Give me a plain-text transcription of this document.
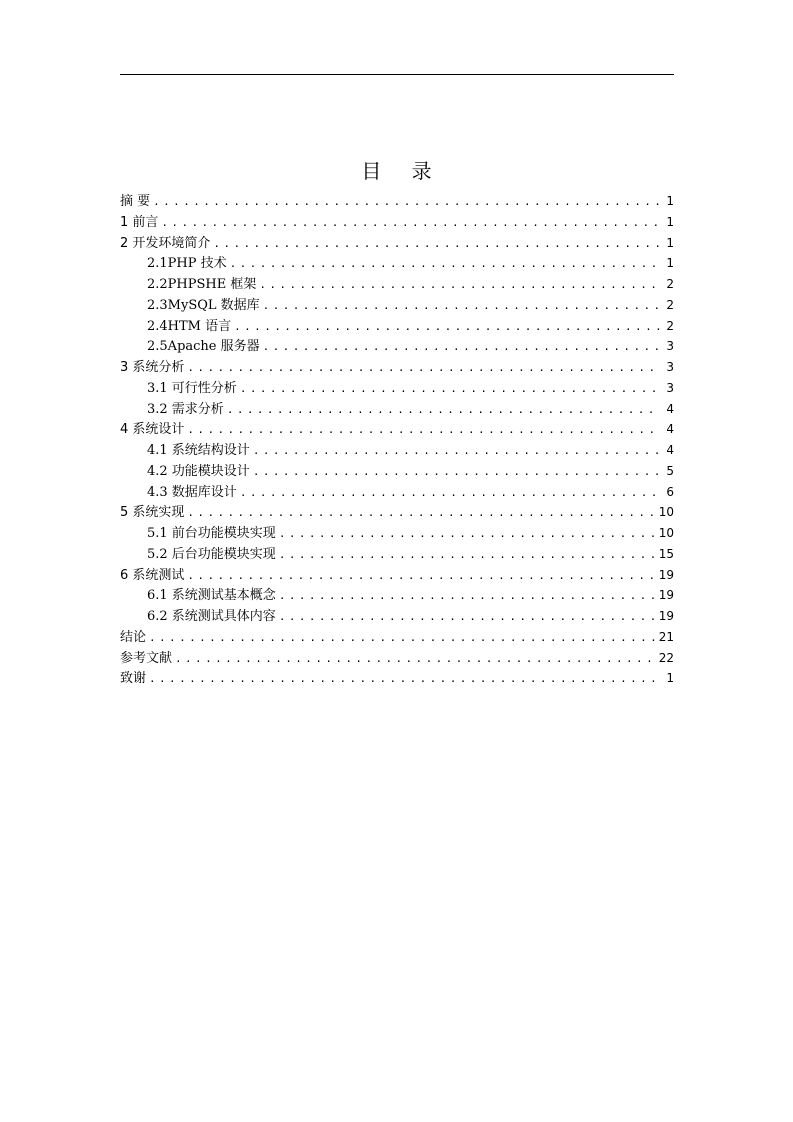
目 录
摘 要 .....	1
1 前言 .....	1
2 开发环境简介 .....	1
2.1PHP 技术 .....	1
2.2PHPSHE 框架 .....	2
2.3MySQL 数据库 .....	2
2.4HTM 语言 .....	2
2.5Apache 服务器 .....	3
3 系统分析 .....	3
3.1 可行性分析 .....	3
3.2 需求分析 .....	4
4 系统设计 .....	4
4.1 系统结构设计 .....	4
4.2 功能模块设计 .....	5
4.3 数据库设计 .....	6
5 系统实现 .....	10
5.1 前台功能模块实现 .....	10
5.2 后台功能模块实现 .....	15
6 系统测试 .....	19
6.1 系统测试基本概念 .....	19
6.2 系统测试具体内容 .....	19
结论 .....	21
参考文献 .....	22
致谢 .....	1
